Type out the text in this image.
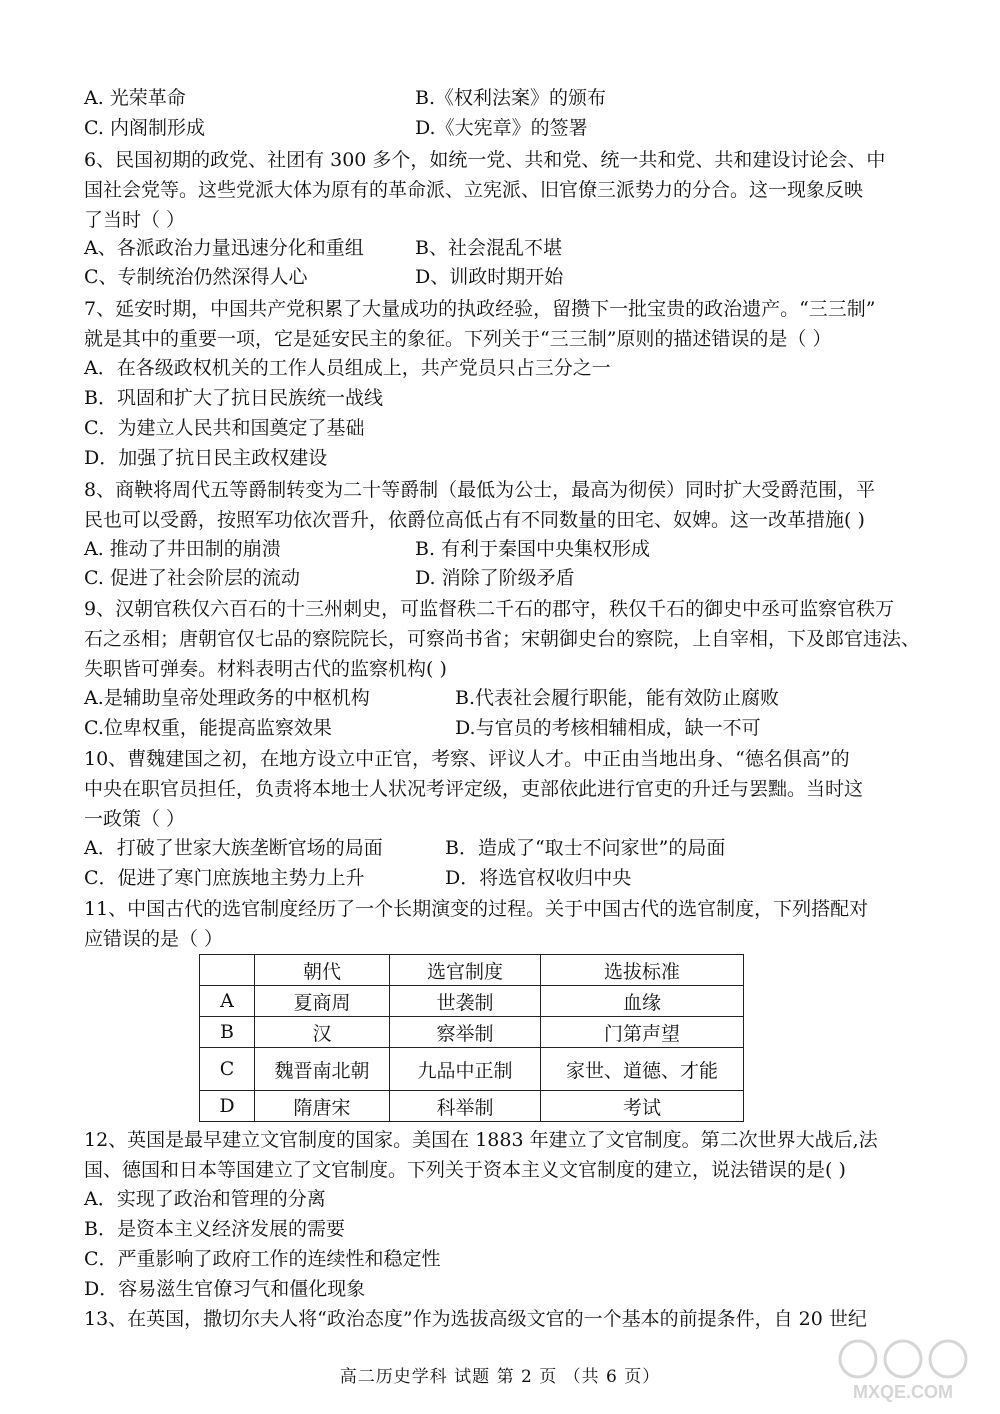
A. 光荣革命	B.《权利法案》的颁布
C. 内阁制形成	D.《大宪章》的签署
6、民国初期的政党、社团有 300 多个，如统一党、共和党、统一共和党、共和建设讨论会、中
国社会党等。这些党派大体为原有的革命派、立宪派、旧官僚三派势力的分合。这一现象反映
了当时（ ）
A、各派政治力量迅速分化和重组	B、社会混乱不堪
C、专制统治仍然深得人心	D、训政时期开始
7、延安时期，中国共产党积累了大量成功的执政经验，留攒下一批宝贵的政治遗产。“三三制”
就是其中的重要一项，它是延安民主的象征。下列关于“三三制”原则的描述错误的是（ ）
A．在各级政权机关的工作人员组成上，共产党员只占三分之一
B．巩固和扩大了抗日民族统一战线
C．为建立人民共和国奠定了基础
D．加强了抗日民主政权建设
8、商鞅将周代五等爵制转变为二十等爵制（最低为公士，最高为彻侯）同时扩大受爵范围，平
民也可以受爵，按照军功依次晋升，依爵位高低占有不同数量的田宅、奴婢。这一改革措施( )
A. 推动了井田制的崩溃	B. 有利于秦国中央集权形成
C. 促进了社会阶层的流动	D. 消除了阶级矛盾
9、汉朝官秩仅六百石的十三州刺史，可监督秩二千石的郡守，秩仅千石的御史中丞可监察官秩万
石之丞相；唐朝官仅七品的察院院长，可察尚书省；宋朝御史台的察院，上自宰相，下及郎官违法、
失职皆可弹奏。材料表明古代的监察机构( )
A.是辅助皇帝处理政务的中枢机构	B.代表社会履行职能，能有效防止腐败
C.位卑权重，能提高监察效果	D.与官员的考核相辅相成，缺一不可
10、曹魏建国之初，在地方设立中正官，考察、评议人才。中正由当地出身、“德名俱高”的
中央在职官员担任，负责将本地士人状况考评定级，吏部依此进行官吏的升迁与罢黜。当时这
一政策（ ）
A．打破了世家大族垄断官场的局面	B．造成了“取士不问家世”的局面
C．促进了寒门庶族地主势力上升	D．将选官权收归中央
11、中国古代的选官制度经历了一个长期演变的过程。关于中国古代的选官制度，下列搭配对
应错误的是（ ）
	朝代	选官制度	选拔标准
A	夏商周	世袭制	血缘
B	汉	察举制	门第声望
C	魏晋南北朝	九品中正制	家世、道德、才能
D	隋唐宋	科举制	考试
12、英国是最早建立文官制度的国家。美国在 1883 年建立了文官制度。第二次世界大战后,法
国、德国和日本等国建立了文官制度。下列关于资本主义文官制度的建立，说法错误的是( )
A．实现了政治和管理的分离
B．是资本主义经济发展的需要
C．严重影响了政府工作的连续性和稳定性
D．容易滋生官僚习气和僵化现象
13、在英国，撒切尔夫人将“政治态度”作为选拔高级文官的一个基本的前提条件，自 20 世纪
高二历史学科 试题 第 2 页 （共 6 页）
MXQE.COM
